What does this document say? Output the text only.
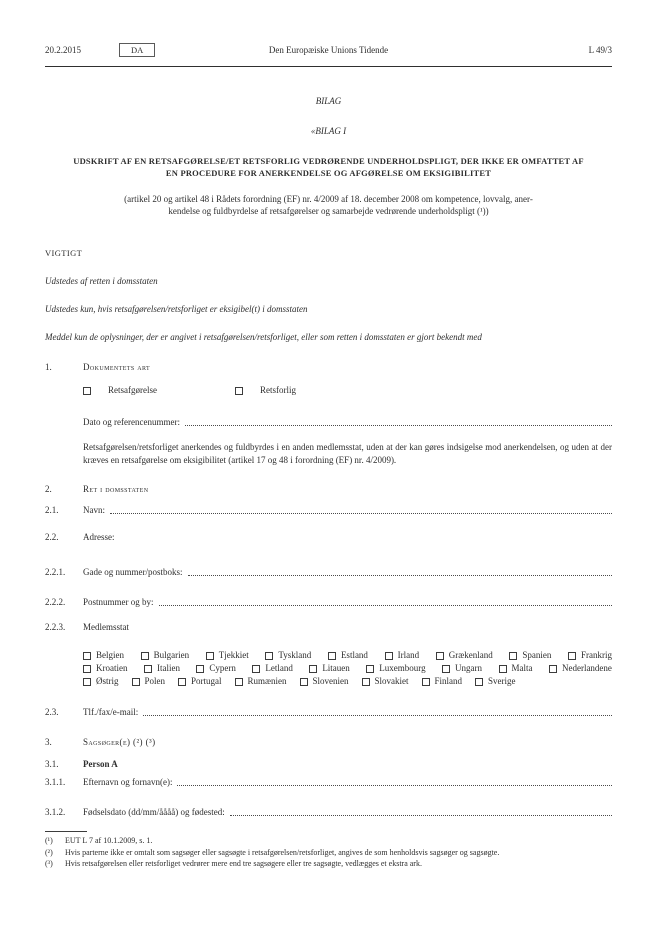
20.2.2015	DA	Den Europæiske Unions Tidende	L 49/3
BILAG
«BILAG I
UDSKRIFT AF EN RETSAFGØRELSE/ET RETSFORLIG VEDRØRENDE UNDERHOLDSPLIGT, DER IKKE ER OMFATTET AF
EN PROCEDURE FOR ANERKENDELSE OG AFGØRELSE OM EKSIGIBILITET
(artikel 20 og artikel 48 i Rådets forordning (EF) nr. 4/2009 af 18. december 2008 om kompetence, lovvalg, aner-
kendelse og fuldbyrdelse af retsafgørelser og samarbejde vedrørende underholdspligt (¹))
VIGTIGT
Udstedes af retten i domsstaten
Udstedes kun, hvis retsafgørelsen/retsforliget er eksigibel(t) i domsstaten
Meddel kun de oplysninger, der er angivet i retsafgørelsen/retsforliget, eller som retten i domsstaten er gjort bekendt med
1.	Dokumentets art
Retsafgørelse	Retsforlig
Dato og referencenummer:
Retsafgørelsen/retsforliget anerkendes og fuldbyrdes i en anden medlemsstat, uden at der kan gøres indsigelse mod anerkendelsen, og uden at der kræves en retsafgørelse om eksigibilitet (artikel 17 og 48 i forordning (EF) nr. 4/2009).
2.	Ret i domsstaten
2.1.	Navn:
2.2.	Adresse:
2.2.1.	Gade og nummer/postboks:
2.2.2.	Postnummer og by:
2.2.3.	Medlemsstat
Belgien	Bulgarien	Tjekkiet	Tyskland	Estland	Irland	Grækenland	Spanien	Frankrig
Kroatien	Italien	Cypern	Letland	Litauen	Luxembourg	Ungarn	Malta	Nederlandene
Østrig	Polen	Portugal	Rumænien	Slovenien	Slovakiet	Finland	Sverige
2.3.	Tlf./fax/e-mail:
3.	Sagsøger(e) (²) (³)
3.1.	Person A
3.1.1.	Efternavn og fornavn(e):
3.1.2.	Fødselsdato (dd/mm/åååå) og fødested:
(¹)	EUT L 7 af 10.1.2009, s. 1.
(²)	Hvis parterne ikke er omtalt som sagsøger eller sagsøgte i retsafgørelsen/retsforliget, angives de som henholdsvis sagsøger og sagsøgte.
(³)	Hvis retsafgørelsen eller retsforliget vedrører mere end tre sagsøgere eller tre sagsøgte, vedlægges et ekstra ark.
